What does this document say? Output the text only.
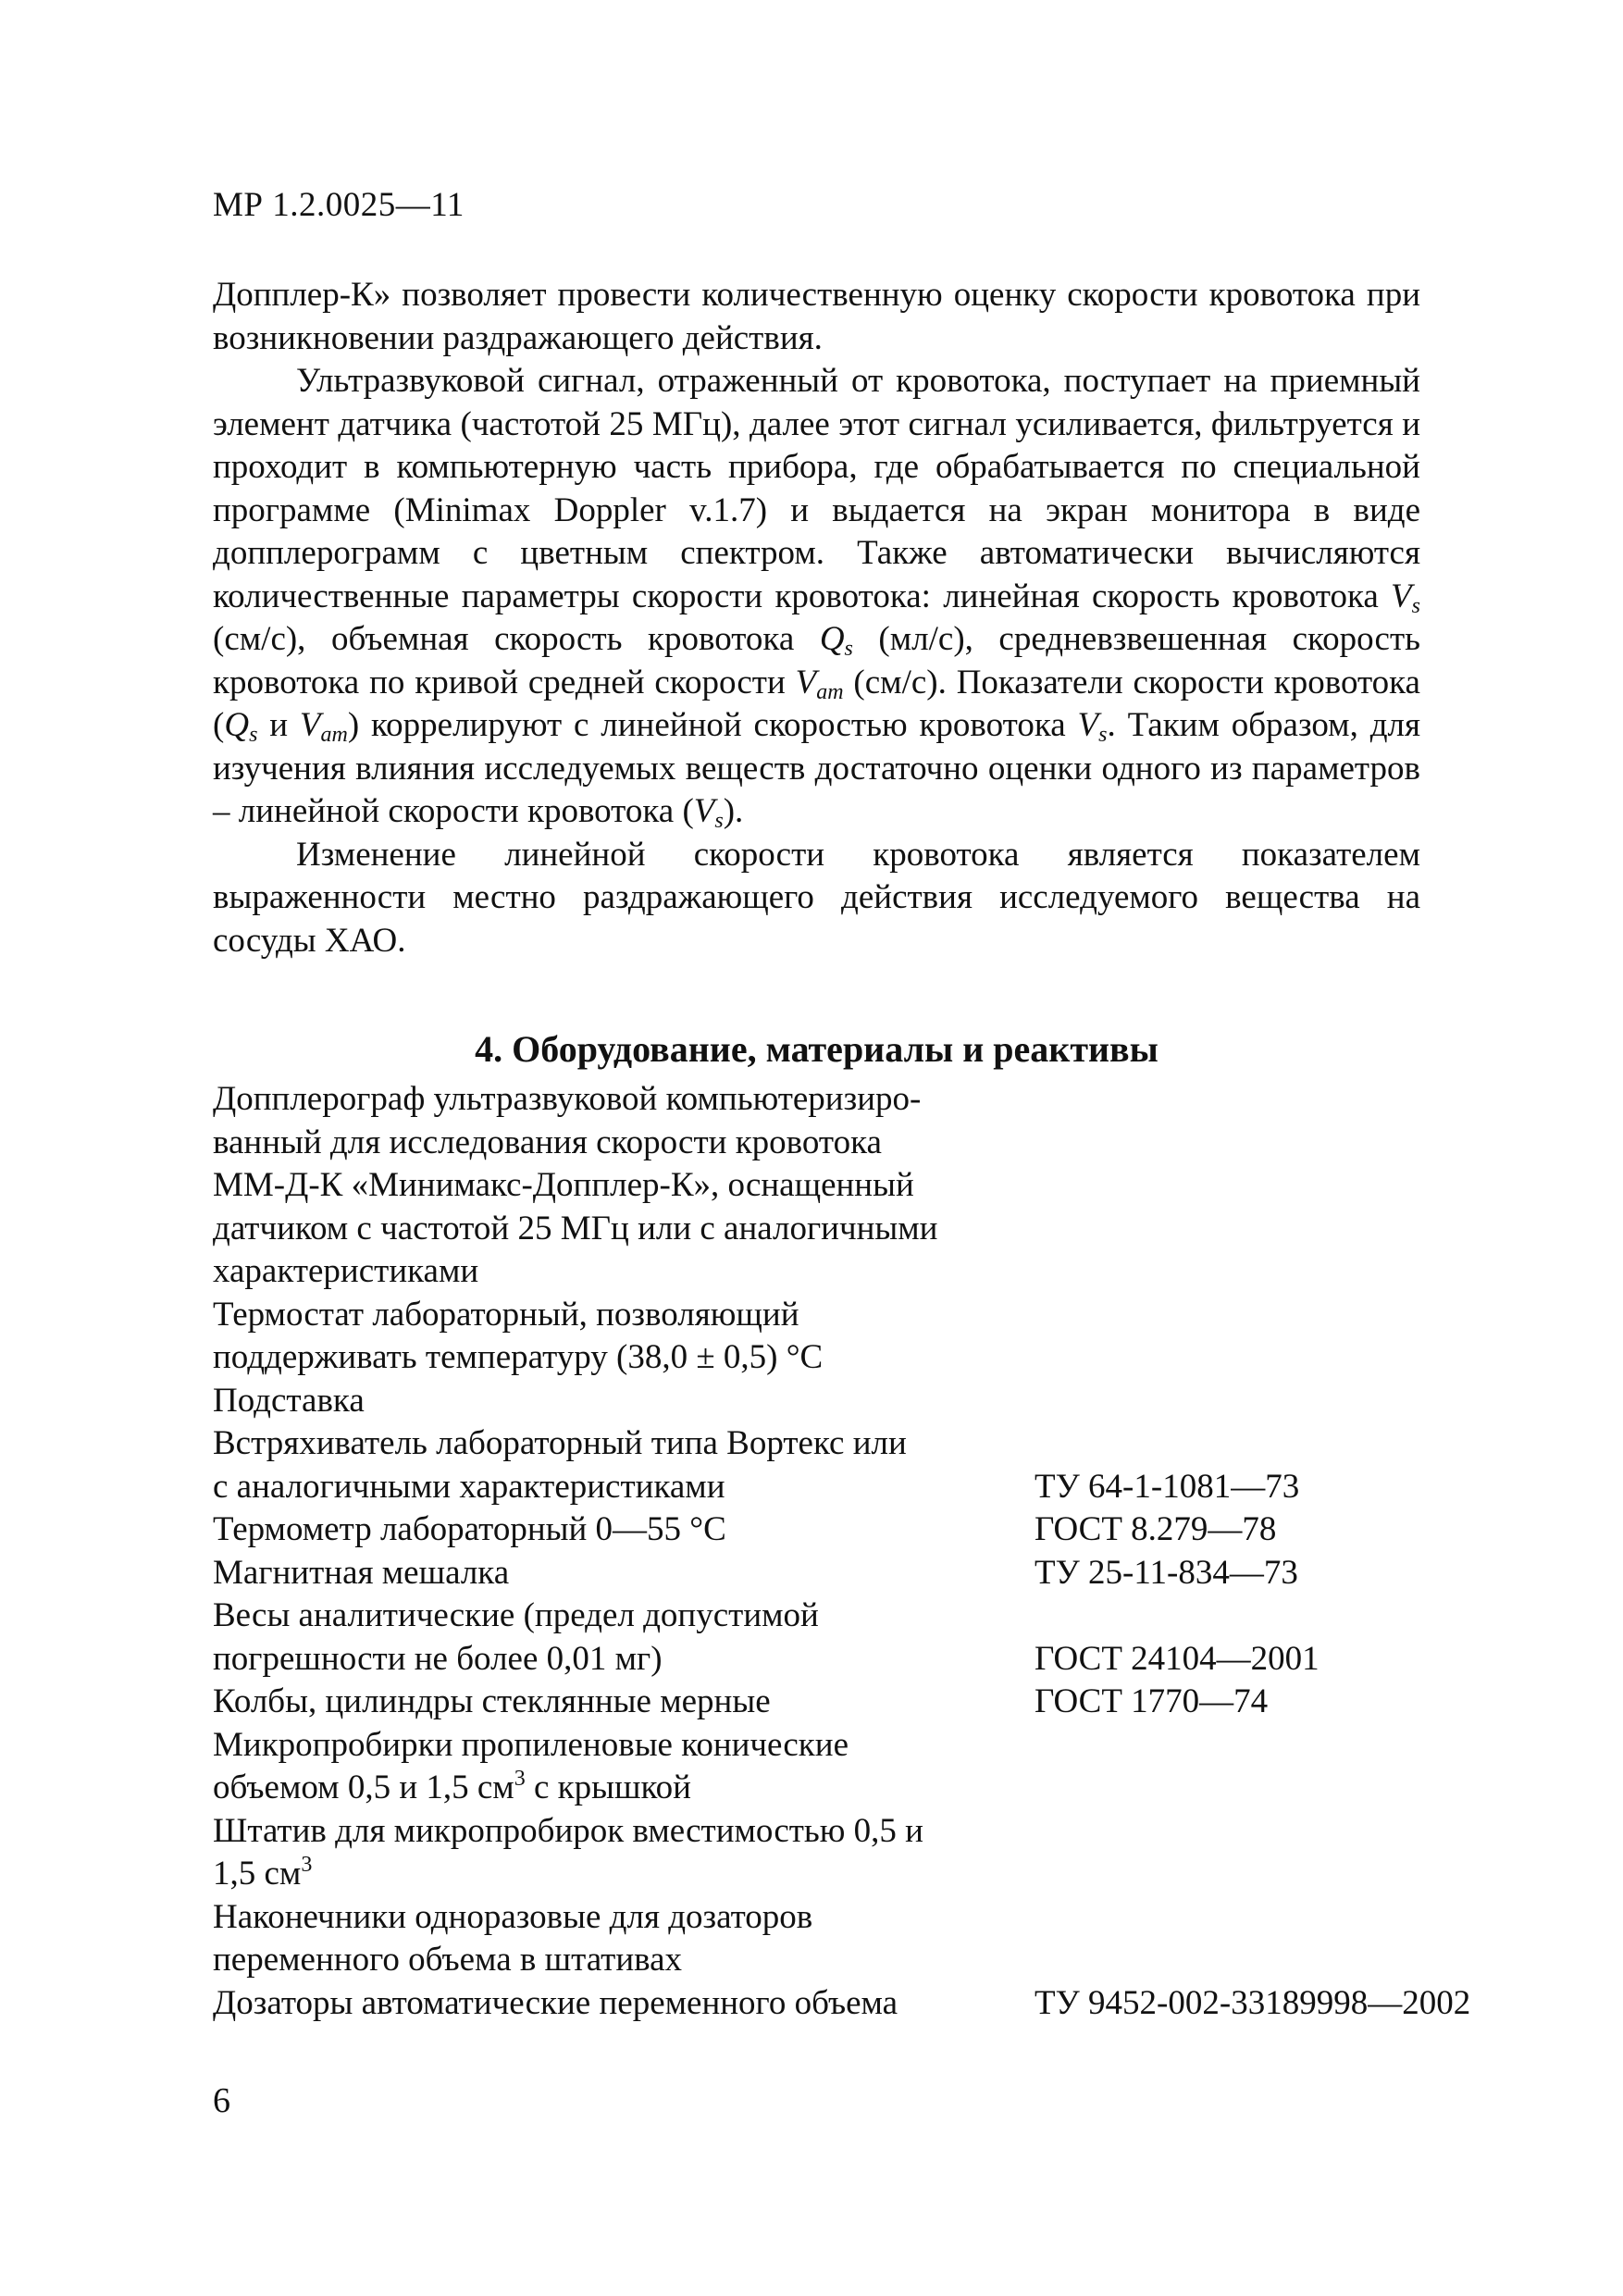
МР 1.2.0025—11

Допплер-К» позволяет провести количественную оценку скорости кровотока при возникновении раздражающего действия.

Ультразвуковой сигнал, отраженный от кровотока, поступает на приемный элемент датчика (частотой 25 МГц), далее этот сигнал усиливается, фильтруется и проходит в компьютерную часть прибора, где обрабатывается по специальной программе (Minimax Doppler v.1.7) и выдается на экран монитора в виде допплерограмм с цветным спектром. Также автоматически вычисляются количественные параметры скорости кровотока: линейная скорость кровотока $V_s$ (см/с), объемная скорость кровотока $Q_s$ (мл/с), средневзвешенная скорость кровотока по кривой средней скорости $V_{am}$ (см/с). Показатели скорости кровотока ($Q_s$ и $V_{am}$) коррелируют с линейной скоростью кровотока $V_s$. Таким образом, для изучения влияния исследуемых веществ достаточно оценки одного из параметров – линейной скорости кровотока $(V_s)$.

Изменение линейной скорости кровотока является показателем выраженности местно раздражающего действия исследуемого вещества на сосуды ХАО.

4. Оборудование, материалы и реактивы
Допплерограф ультразвуковой компьютеризиро-
ванный для исследования скорости кровотока
ММ-Д-К «Минимакс-Допплер-К», оснащенный
датчиком с частотой 25 МГц или с аналогичными
характеристиками
Термостат лабораторный, позволяющий
поддерживать температуру (38,0 ± 0,5) °С
Подставка
Встряхиватель лабораторный типа Вортекс или
с аналогичными характеристиками	ТУ 64-1-1081—73
Термометр лабораторный 0—55 °С	ГОСТ 8.279—78
Магнитная мешалка	ТУ 25-11-834—73
Весы аналитические (предел допустимой
погрешности не более 0,01 мг)	ГОСТ 24104—2001
Колбы, цилиндры стеклянные мерные	ГОСТ 1770—74
Микропробирки пропиленовые конические
объемом 0,5 и 1,5 $см^3$ с крышкой
Штатив для микропробирок вместимостью 0,5 и
1,5 $см^3$
Наконечники одноразовые для дозаторов
переменного объема в штативах
Дозаторы автоматические переменного объема	ТУ 9452-002-33189998—2002
6
